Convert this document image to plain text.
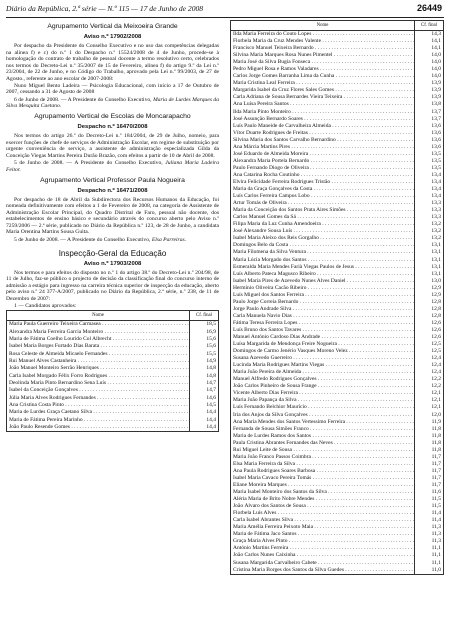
Diário da República, 2.ª série — N.º 115 — 17 de Junho de 2008	26449
Agrupamento Vertical da Meixoeira Grande
Aviso n.º 17902/2008

Por despacho da Presidente do Conselho Executivo e no uso das competências delegadas na alínea f) e c) do n.º 1 do Despacho n.º 15524/2008 de 4 de Junho, procede-se à homologação do contrato de trabalho de pessoal docente a termo resolutivo certo, celebrados nos termos do Decreto-Lei n.º 35/2007 de 15 de Fevereiro, alínea f) do artigo 9.º da Lei n.º 23/2004, de 22 de Junho, e no Código do Trabalho, aprovado pela Lei n.º 99/2003, de 27 de Agosto., referente ao ano escolar de 2007-2008:

Nuno Miguel Bento Ladeira — Psicologia Educacional, com início a 17 de Outubro de 2007, cessando a 31 de Agosto de 2008

6 de Junho de 2008. — A Presidente do Conselho Executivo, Maria de Lurdes Marques da Silva Mesquita Caetano.

Agrupamento Vertical de Escolas de Moncarapacho
Despacho n.º 16470/2008

Nos termos do artigo 26.º do Decreto-Lei n.º 184/2004, de 29 de Julho, nomeio, para exercer funções de chefe de serviços de Administração Escolar, em regime de substituição por urgente conveniência de serviço, a assistente de administração especializada Gilda da Conceição Viegas Martins Pereira Durão Brazão, com efeitos a partir de 10 de Abril de 2008.

5 de Junho de 2008. — A Presidente do Conselho Executivo, Juliana Maria Ladeira Feitor.

Agrupamento Vertical Professor Paula Nogueira
Despacho n.º 16471/2008

Por despacho de 18 de Abril da Subdirectora dos Recursos Humanos da Educação, foi nomeada definitivamente com efeitos a 1 de Fevereiro de 2008, na categoria de Assistente de Administração Escolar Principal, do Quadro Distrital de Faro, pessoal não docente, dos estabelecimentos de ensino básico e secundário através do concurso aberto pelo Aviso n.º 7259/2006 — 2.ª série, publicado no Diário da República n.º 123, de 28 de Junho, a candidata Maria Orentina Martins Sousa Guita.

5 de Junho de 2008. — A Presidente do Conselho Executivo, Elsa Parreiras.

Inspecção-Geral da Educação
Aviso n.º 17903/2008

Nos termos e para efeitos do disposto no n.º 1 do artigo 38.º do Decreto-Lei n.º 204/98, de 11 de Julho, faz-se público o projecto de decisão da classificação final do concurso interno de admissão a estágio para ingresso na carreira técnica superior de inspecção da educação, aberto pelo aviso n.º 24 377-A/2007, publicado no Diário da República, 2.ª série, n.º 238, de 11 de Dezembro de 2007:

1 — Candidatos aprovados:

Nome	Cf. final
Maria Paula Guerreiro Teixeira Carmasea . . .	18,5
Alexandra Maria Ferreira Garcia Monteiro . . .	16,9
Maria de Fátima Coelho Lourido Col Albrecht . . .	15,6
Isabel Maria Borges Furtado Dias Barata . . .	15,6
Rosa Celeste de Almeida Micaelo Fernandes . . .	15,5
Rui Manuel Alves Castanheira . . .	14,9
João Manuel Monteiro Serrão Henriques . . .	14,8
Carla Isabel Morgado Félix Forro Rodrigues . . .	14,8
Deolinda Maria Pinto Bernardino Sena Luís . . .	14,7
Isabel da Conceição Gonçalves . . .	14,7
Júlia Maria Alves Rodrigues Fernandes . . .	14,6
Ana Cristina Costa Pinto . . .	14,5
Maria de Lurdes Graça Caetano Silva . . .	14,4
Maria de Fátima Pereira Marinho . . .	14,4
João Paulo Resende Gomes . . .	14,4
Nome	Cf. final
Ilda Maria Ferreira do Couto Lopes . . .	14,3
Florbela Maria da Cruz Mendes Valente . . .	14,1
Francisco Manuel Teixeira Bernardo . . .	14,1
Silvina Maria Marques Rosa Nunes Pimentel . . .	14,0
Maria José da Silva Bugia Fonseca . . .	14,0
Pedro Miguel Rosa e Ramos Valadares . . .	14,0
Carlos Jorge Gomes Barranha Lima da Cunha . . .	14,0
Maria Cristina Leal Ferreira . . .	13,9
Margarida Isabel da Cruz Flores Sales Gomes . . .	13,9
Carla Adriana de Sousa Bernardes Vieira Teixeira . . .	13,9
Ana Luísa Pereira Santos . . .	13,8
Ilda Maria Pinto Monteiro . . .	13,7
José Assunção Bernardo Soares . . .	13,7
Luís Paulo Maneide de Carvalheira Almeida . . .	13,6
Vítor Duarte Rodrigues de Freitas . . .	13,6
Silvina Maria dos Santos Carvalho Bernardino . . .	13,6
Ana Márcia Martins Pires . . .	13,6
José Eduardo de Almeida Moreira . . .	13,5
Alexandra Maria Portela Bernardo . . .	13,5
Paulo Fernando Diogo de Oliveira . . .	13,5
Ana Catarina Rocha Coutinho . . .	13,4
Elvira Felicidade Ferreira Rodrigues Tristão . . .	13,4
Maria da Graça Gonçalves da Costa . . .	13,4
Luís Carlos Ferreira Campos Lobo . . .	13,4
Artur Tomás de Oliveira . . .	13,3
Maria da Conceição dos Santos Prata Aires Simões . . .	13,3
Carlos Manuel Gomes da Sá . . .	13,3
Filipa Maria da Luz Cunha Amendoeira . . .	13,2
José Alexandre Sousa Luís . . .	13,2
Isabel Maria Aleixo dos Reis Gorgalho . . .	13,2
Domingos Belo da Costa . . .	13,1
Maria Filomena da Silva Ventura . . .	13,1
Maria Lúcia Morgado dos Santos . . .	13,1
Esmeralda Maria Mendes Farià Viegas Paulos de Jesus . . .	13,1
Luís Alberto Pateca Magusco Ribeiro . . .	13,1
Isabel Maria Pires de Azevedo Nunes Alves Daniel . . .	13,0
Hermínio Oliveira Cacão Ribeiro . . .	12,9
Luís Miguel dos Santos Ferreira . . .	12,9
Paulo Jorge Correia Bernardo . . .	12,8
Jorge Paulo Andrade Silva . . .	12,8
Carla Manuela Navio Dias . . .	12,8
Fátima Teresa Ferreira Lopes . . .	12,6
Luís Bruno dos Santos Tavares . . .	12,6
Manuel António Cardoso Dias Andrade . . .	12,6
Luísa Margarida de Mendonça Freire Nogueira . . .	12,5
Domingos de Carmo Jenério Vasques Moreno Velez . . .	12,5
Susana Azevedo Guerreiro . . .	12,4
Lucinda Maria Rodrigues Martins Viegas . . .	12,4
Maria João Pereira de Almeida . . .	12,4
Manuel Alfredo Rodrigues Gonçalves . . .	12,2
João Carlos Pinheiro de Sousa Frange . . .	12,2
Vicente Alberto Dias Ferreira . . .	12,1
Maria João Papança da Silva . . .	12,1
Luís Fernando Belchior Maurício . . .	12,1
Iria dos Anjos da Silva Gonçalves . . .	12,0
Ana Maria Mendes dos Santos Vertessimo Ferreira . . .	11,9
Fernanda de Sousa Simões Franco . . .	11,8
Maria de Lurdes Ramos dos Santos . . .	11,8
Paula Cristina Abrantes Fernandes das Neves . . .	11,8
Rui Miguel Leite de Sousa . . .	11,8
Maria João Franco Passos Coimbra . . .	11,7
Elsa Maria Ferreira da Silva . . .	11,7
Ana Paula Rodrigues Soares Barbosa . . .	11,7
Isabel Maria Cavaco Pereira Tomás . . .	11,7
Eliane Moreira Marques . . .	11,7
Maria Isabel Monteiro dos Santos da Silva . . .	11,6
Aléria Maria de Brito Nobre Mendes . . .	11,5
João Álvaro dos Santos de Sousa . . .	11,5
Florbela Luís Alves . . .	11,4
Carla Isabel Abrantes Silva . . .	11,4
Maria Amélia Ferreira Peixoto Maia . . .	11,3
Maria de Fátima Jaco Santos . . .	11,3
Graça Maria Alves Pinto . . .	11,3
António Martins Ferreira . . .	11,1
João Carlos Nunes Caixinha . . .	11,1
Susana Margarida Carvalheiro Cabete . . .	11,1
Cristina Maria Borges dos Santos da Silva Guedes . . .	11,0
